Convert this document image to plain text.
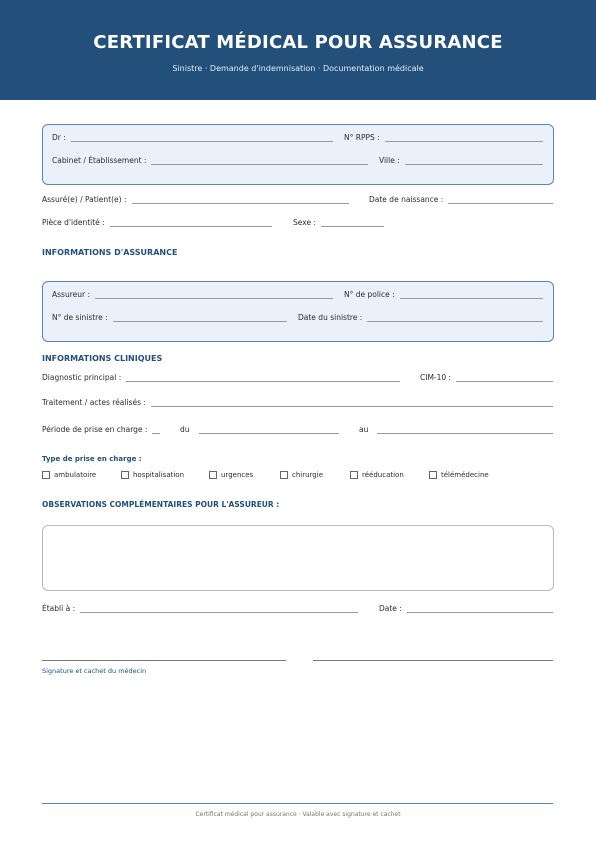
CERTIFICAT MÉDICAL POUR ASSURANCE
Sinistre · Demande d'indemnisation · Documentation médicale
Dr :	N° RPPS :
Cabinet / Établissement :	Ville :
Assuré(e) / Patient(e) :	Date de naissance :
Pièce d'identité :	Sexe :
INFORMATIONS D'ASSURANCE
Assureur :	N° de police :
N° de sinistre :	Date du sinistre :
INFORMATIONS CLINIQUES
Diagnostic principal :	CIM-10 :
Traitement / actes réalisés :
Période de prise en charge :	du	au
Type de prise en charge :
ambulatoire	hospitalisation	urgences	chirurgie	rééducation	télémédecine
OBSERVATIONS COMPLÉMENTAIRES POUR L'ASSUREUR :
Établi à :	Date :
Signature et cachet du médecin
Certificat médical pour assurance · Valable avec signature et cachet
